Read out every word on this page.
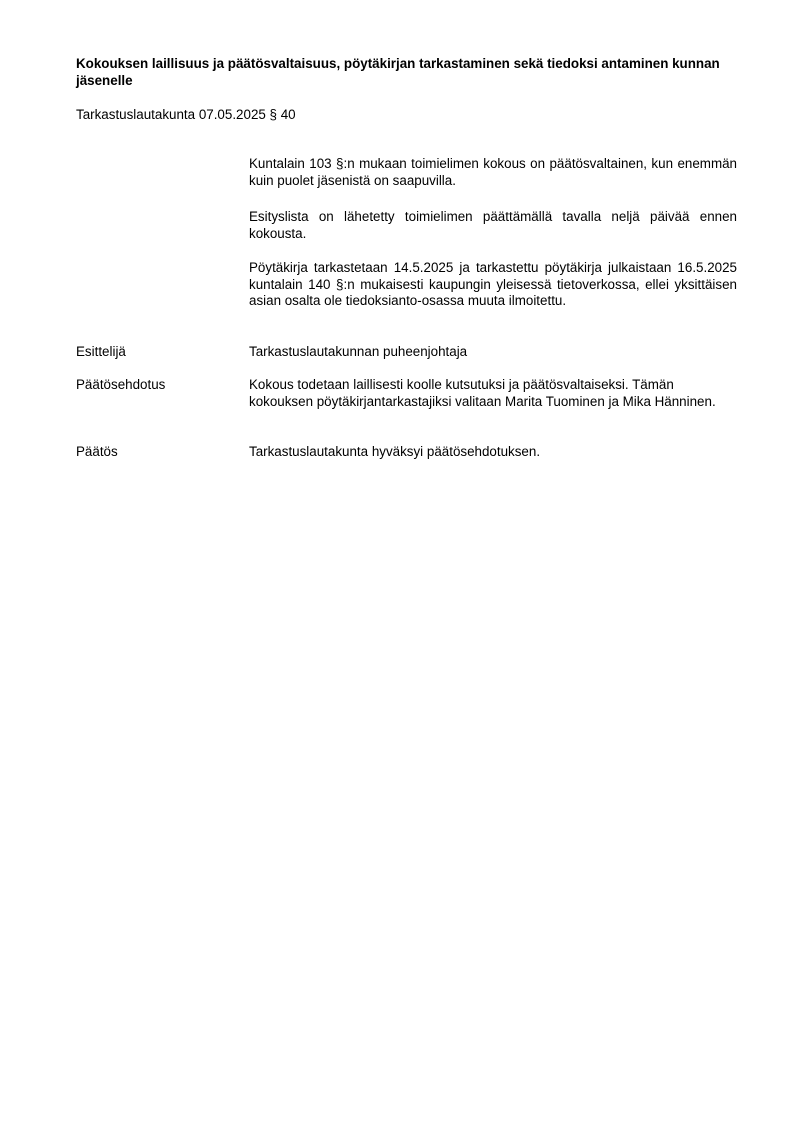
Kokouksen laillisuus ja päätösvaltaisuus, pöytäkirjan tarkastaminen sekä tiedoksi antaminen kunnan jäsenelle
Tarkastuslautakunta 07.05.2025 § 40
Kuntalain 103 §:n mukaan toimielimen kokous on päätösvaltainen, kun enemmän kuin puolet jäsenistä on saapuvilla.
Esityslista on lähetetty toimielimen päättämällä tavalla neljä päivää ennen kokousta.
Pöytäkirja tarkastetaan 14.5.2025 ja tarkastettu pöytäkirja julkaistaan 16.5.2025 kuntalain 140 §:n mukaisesti kaupungin yleisessä tietoverkossa, ellei yksittäisen asian osalta ole tiedoksianto-osassa muuta ilmoitettu.
Esittelijä	Tarkastuslautakunnan puheenjohtaja
Päätösehdotus	Kokous todetaan laillisesti koolle kutsutuksi ja päätösvaltaiseksi. Tämän kokouksen pöytäkirjantarkastajiksi valitaan Marita Tuominen ja Mika Hänninen.
Päätös	Tarkastuslautakunta hyväksyi päätösehdotuksen.
